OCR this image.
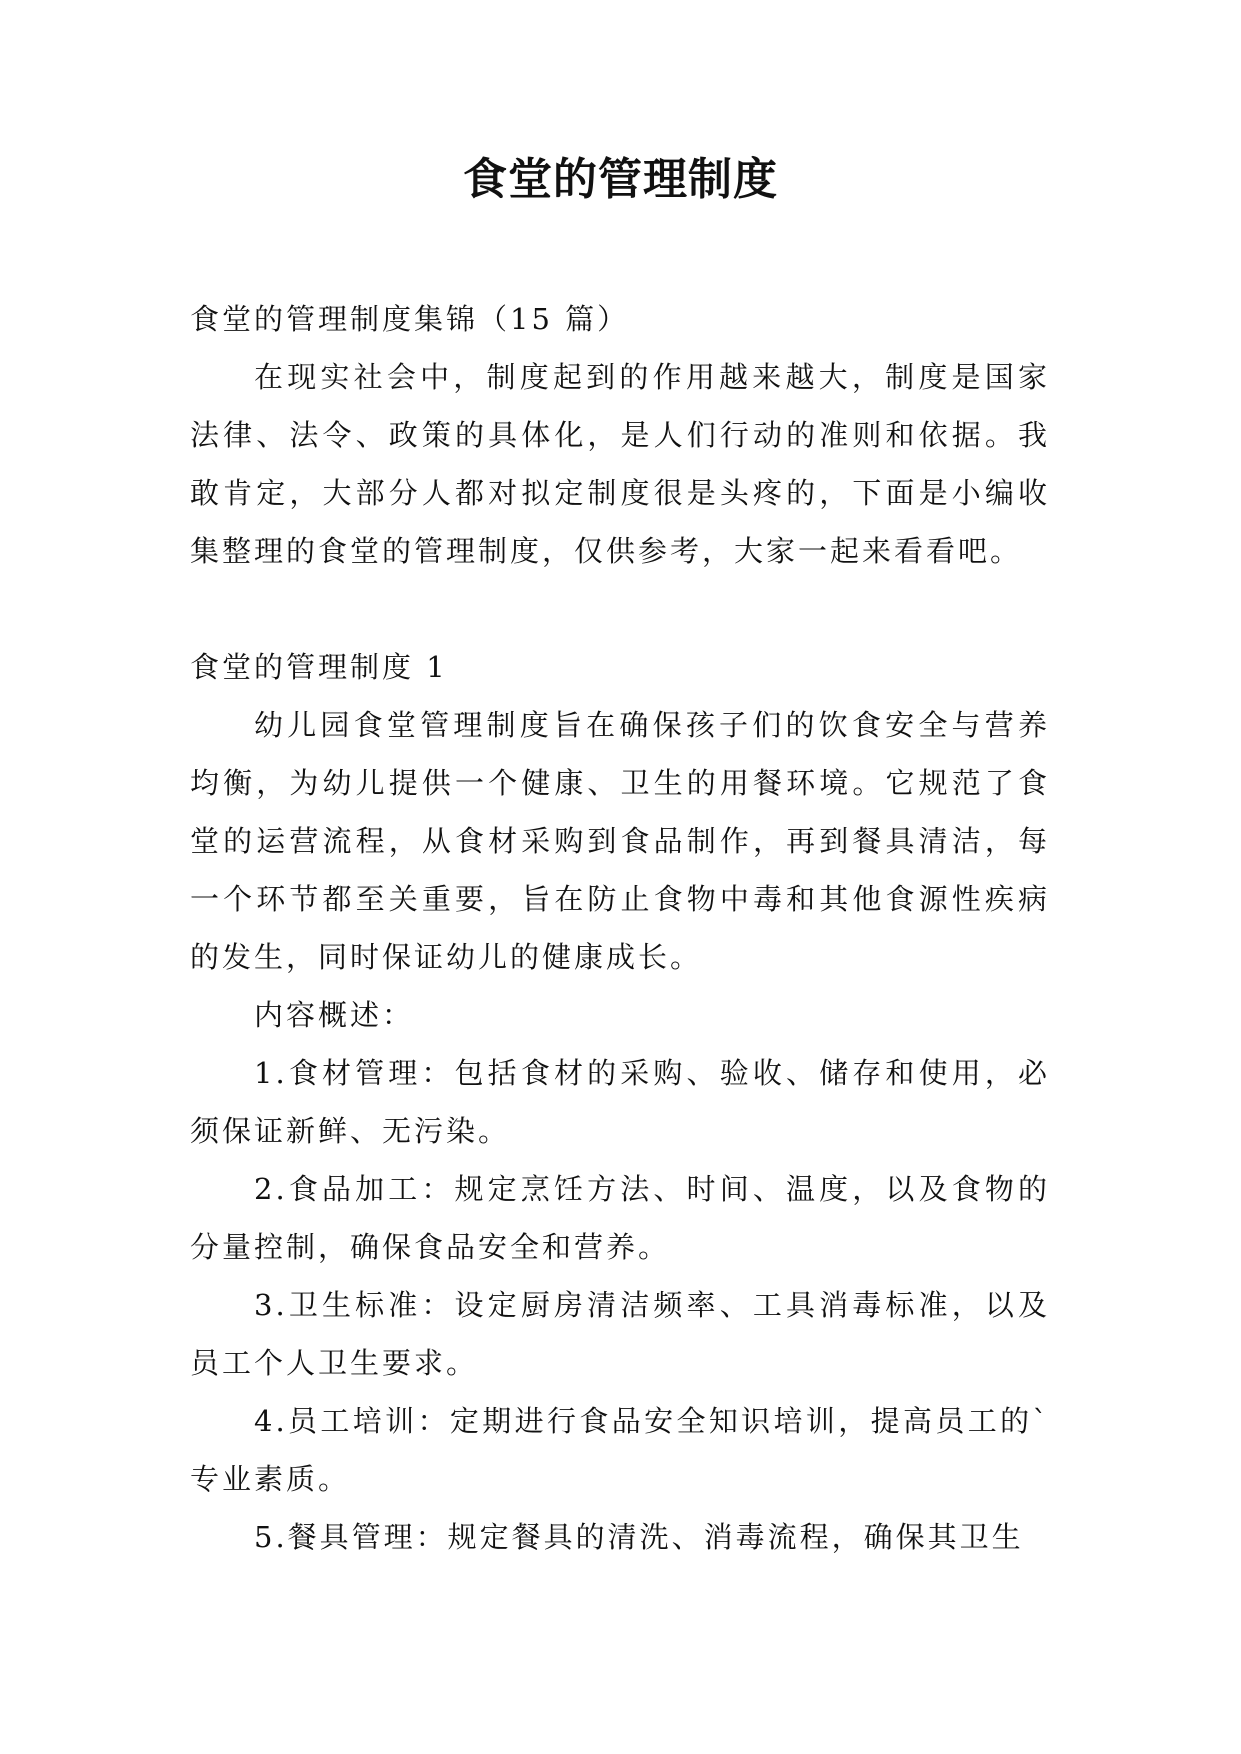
食堂的管理制度

食堂的管理制度集锦（15 篇）

在现实社会中，制度起到的作用越来越大，制度是国家法律、法令、政策的具体化，是人们行动的准则和依据。我敢肯定，大部分人都对拟定制度很是头疼的，下面是小编收集整理的食堂的管理制度，仅供参考，大家一起来看看吧。

食堂的管理制度 1

幼儿园食堂管理制度旨在确保孩子们的饮食安全与营养均衡，为幼儿提供一个健康、卫生的用餐环境。它规范了食堂的运营流程，从食材采购到食品制作，再到餐具清洁，每一个环节都至关重要，旨在防止食物中毒和其他食源性疾病的发生，同时保证幼儿的健康成长。

内容概述：

1.食材管理：包括食材的采购、验收、储存和使用，必须保证新鲜、无污染。

2.食品加工：规定烹饪方法、时间、温度，以及食物的分量控制，确保食品安全和营养。

3.卫生标准：设定厨房清洁频率、工具消毒标准，以及员工个人卫生要求。

4.员工培训：定期进行食品安全知识培训，提高员工的`专业素质。

5.餐具管理：规定餐具的清洗、消毒流程，确保其卫生
